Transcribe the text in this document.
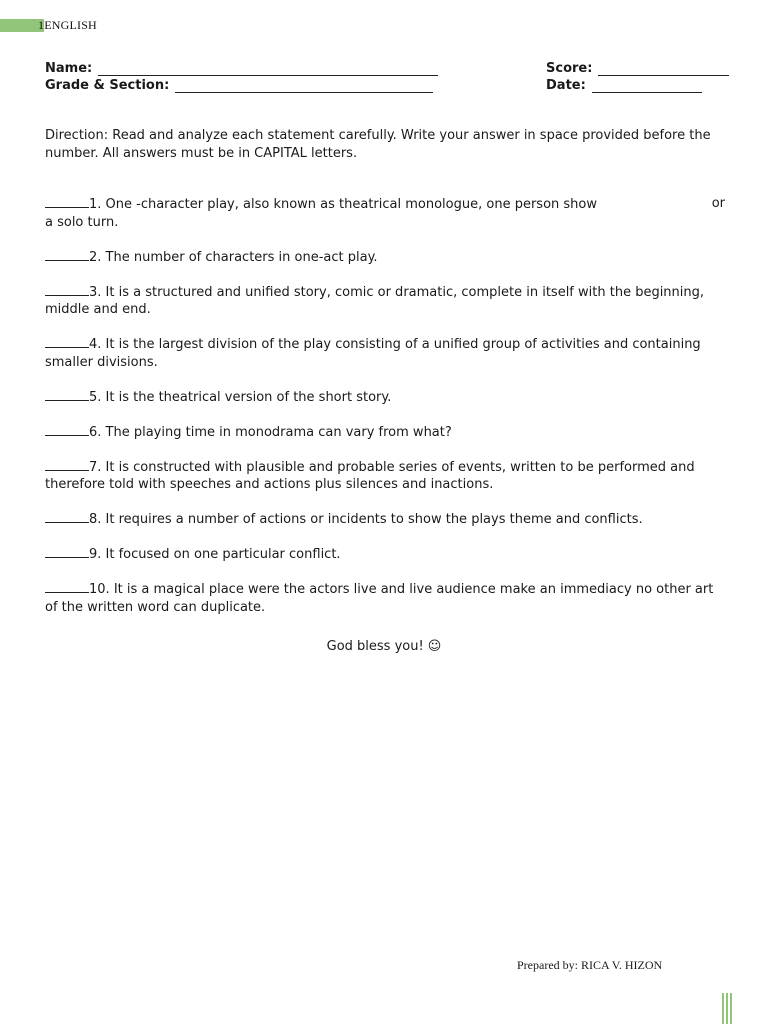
1ENGLISH
Name:
Grade & Section:
Score:
Date:
Direction: Read and analyze each statement carefully. Write your answer in space provided before the number. All answers must be in CAPITAL letters.
1. One -character play, also known as theatrical monologue, one person show	or
a solo turn.
2. The number of characters in one-act play.
3. It is a structured and unified story, comic or dramatic, complete in itself with the beginning, middle and end.
4. It is the largest division of the play consisting of a unified group of activities and containing smaller divisions.
5. It is the theatrical version of the short story.
6. The playing time in monodrama can vary from what?
7. It is constructed with plausible and probable series of events, written to be performed and therefore told with speeches and actions plus silences and inactions.
8. It requires a number of actions or incidents to show the plays theme and conflicts.
9. It focused on one particular conflict.
10. It is a magical place were the actors live and live audience make an immediacy no other art of the written word can duplicate.
God bless you! ☺
Prepared by: RICA V. HIZON
